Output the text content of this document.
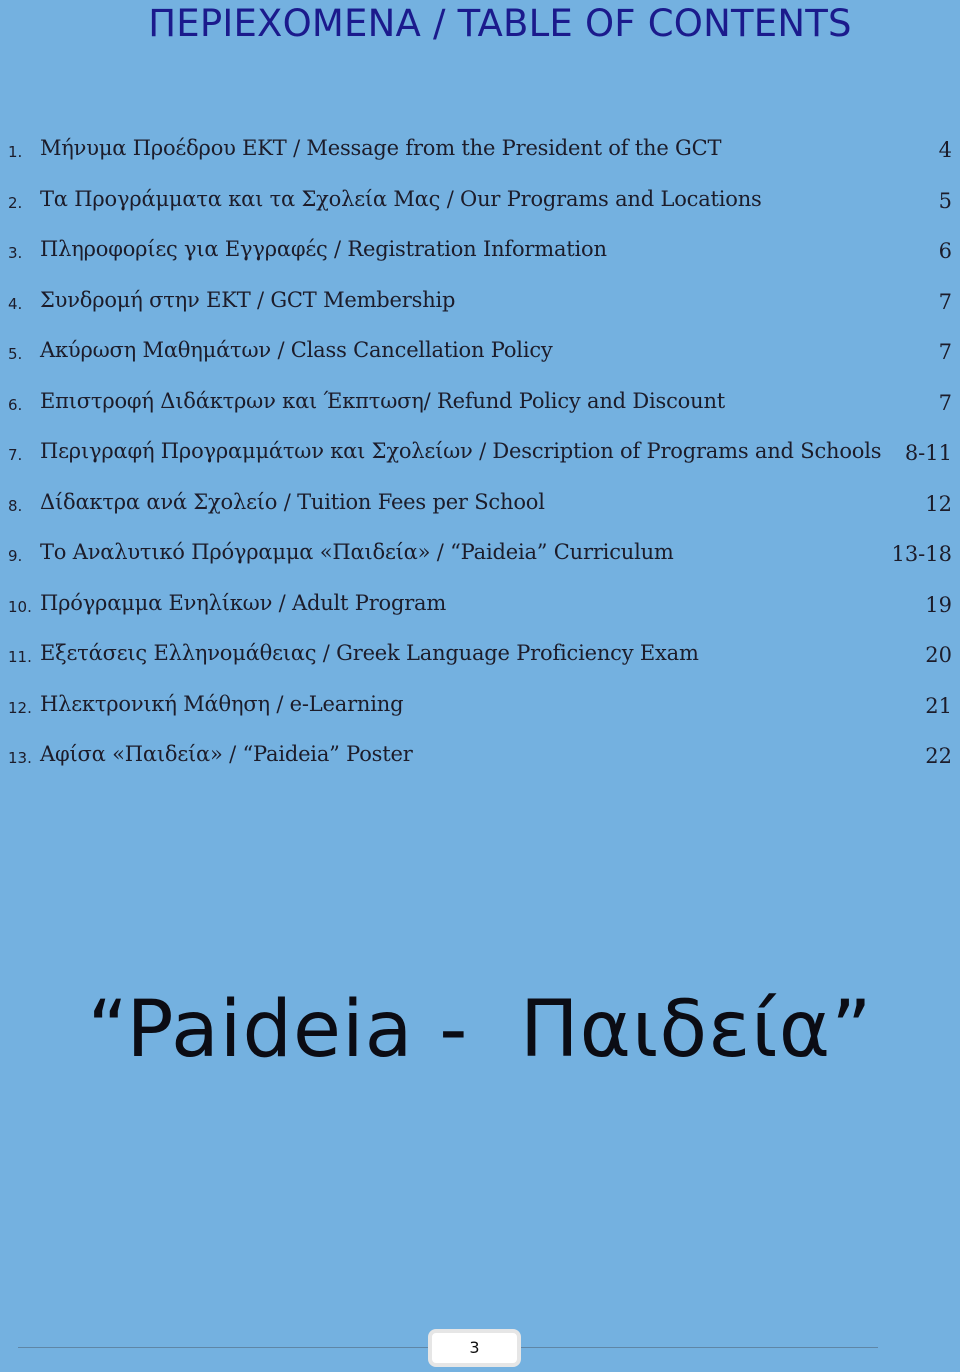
ΠΕΡΙΕΧΟΜΕΝΑ / TABLE OF CONTENTS
1. Μήνυμα Προέδρου ΕΚΤ / Message from the President of the GCT	4
2. Τα Προγράμματα και τα Σχολεία Μας / Our Programs and Locations	5
3. Πληροφορίες για Εγγραφές / Registration Information	6
4. Συνδρομή στην ΕΚΤ / GCT Membership	7
5. Ακύρωση Μαθημάτων / Class Cancellation Policy	7
6. Επιστροφή Διδάκτρων και Έκπτωση/ Refund Policy and Discount	7
7. Περιγραφή Προγραμμάτων και Σχολείων / Description of Programs and Schools 8-11
8. Δίδακτρα ανά Σχολείο / Tuition Fees per School	12
9. Το Αναλυτικό Πρόγραμμα «Παιδεία» / “Paideia” Curriculum	13-18
10. Πρόγραμμα Ενηλίκων / Adult Program	19
11. Εξετάσεις Ελληνομάθειας / Greek Language Proficiency Exam	20
12. Ηλεκτρονική Μάθηση / e-Learning	21
13. Αφίσα «Παιδεία» / “Paideia” Poster	22
“Paideia -  Παιδεία”
3
